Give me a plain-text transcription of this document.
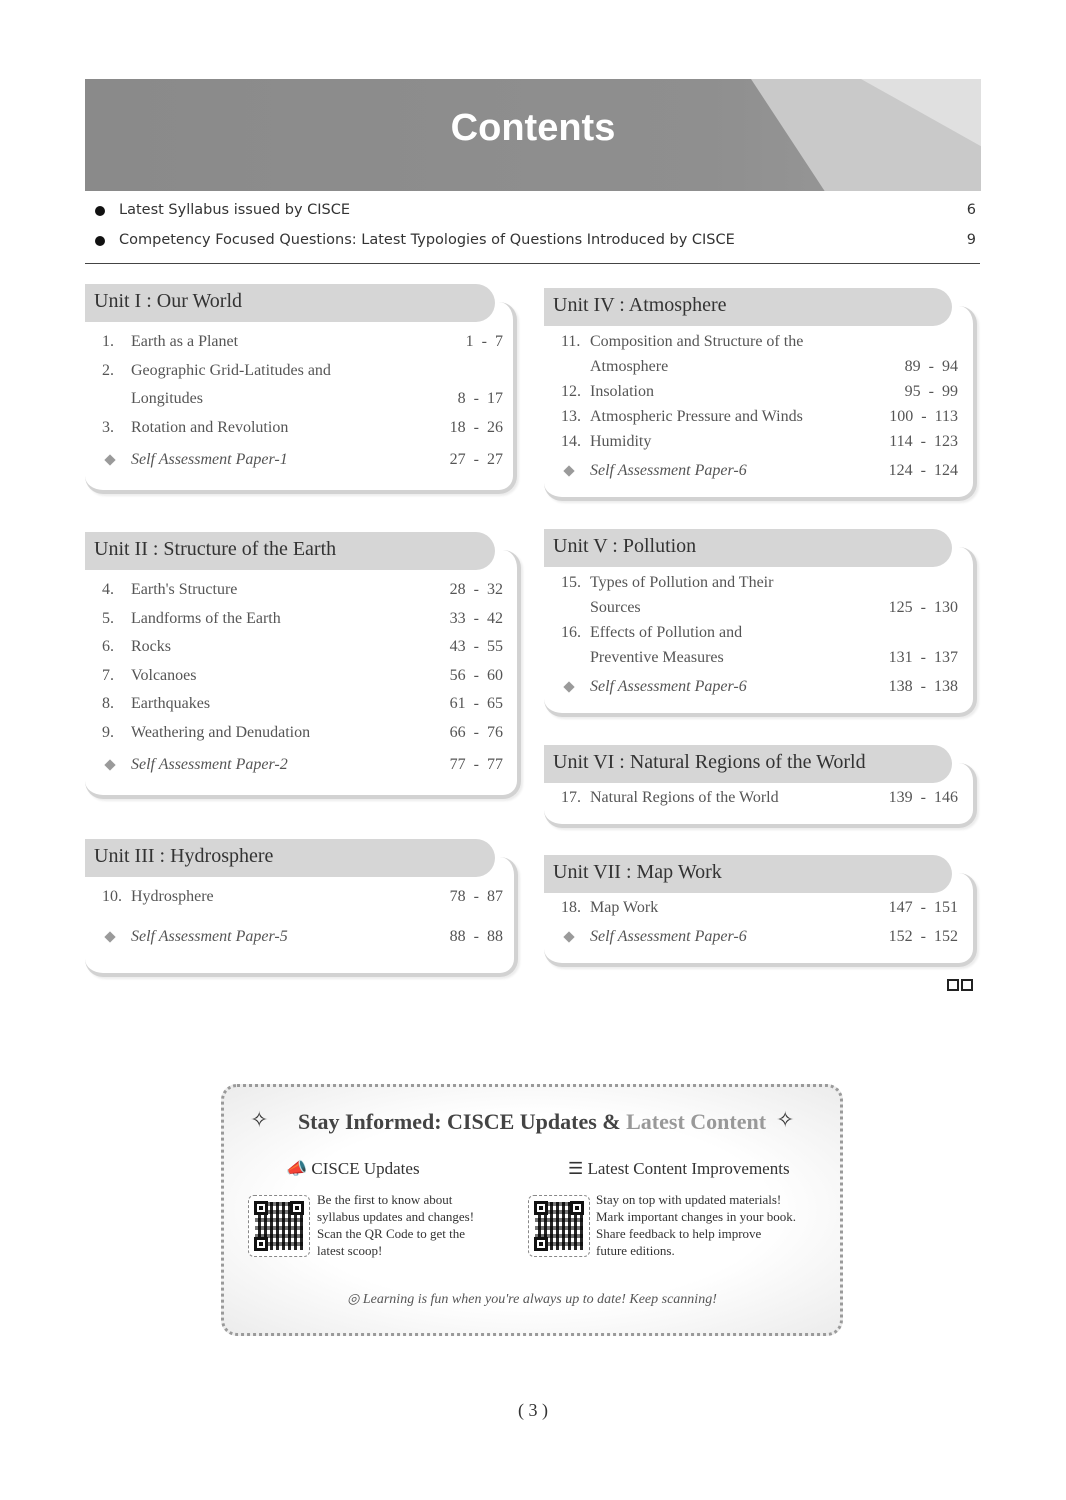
Contents
Latest Syllabus issued by CISCE	6
Competency Focused Questions: Latest Typologies of Questions Introduced by CISCE	9
Unit I : Our World
1. Earth as a Planet	1  -  7
2. Geographic Grid-Latitudes and
Longitudes	8  -  17
3. Rotation and Revolution	18  -  26
Self Assessment Paper-1	27  -  27
Unit II : Structure of the Earth
4. Earth's Structure	28  -  32
5. Landforms of the Earth	33  -  42
6. Rocks	43  -  55
7. Volcanoes	56  -  60
8. Earthquakes	61  -  65
9. Weathering and Denudation	66  -  76
Self Assessment Paper-2	77  -  77
Unit III : Hydrosphere
10. Hydrosphere	78  -  87
Self Assessment Paper-5	88  -  88
Unit IV : Atmosphere
11. Composition and Structure of the
Atmosphere	89  -  94
12. Insolation	95  -  99
13. Atmospheric Pressure and Winds	100  -  113
14. Humidity	114  -  123
Self Assessment Paper-6	124  -  124
Unit V : Pollution
15. Types of Pollution and Their
Sources	125  -  130
16. Effects of Pollution and
Preventive Measures	131  -  137
Self Assessment Paper-6	138  -  138
Unit VI : Natural Regions of the World
17. Natural Regions of the World	139  -  146
Unit VII : Map Work
18. Map Work	147  -  151
Self Assessment Paper-6	152  -  152
✧	Stay Informed: CISCE Updates & Latest Content ✧
📣 CISCE Updates	☰ Latest Content Improvements
Be the first to know about
syllabus updates and changes!
Scan the QR Code to get the
latest scoop!
Stay on top with updated materials!
Mark important changes in your book.
Share feedback to help improve
future editions.
◎ Learning is fun when you're always up to date! Keep scanning!
( 3 )
